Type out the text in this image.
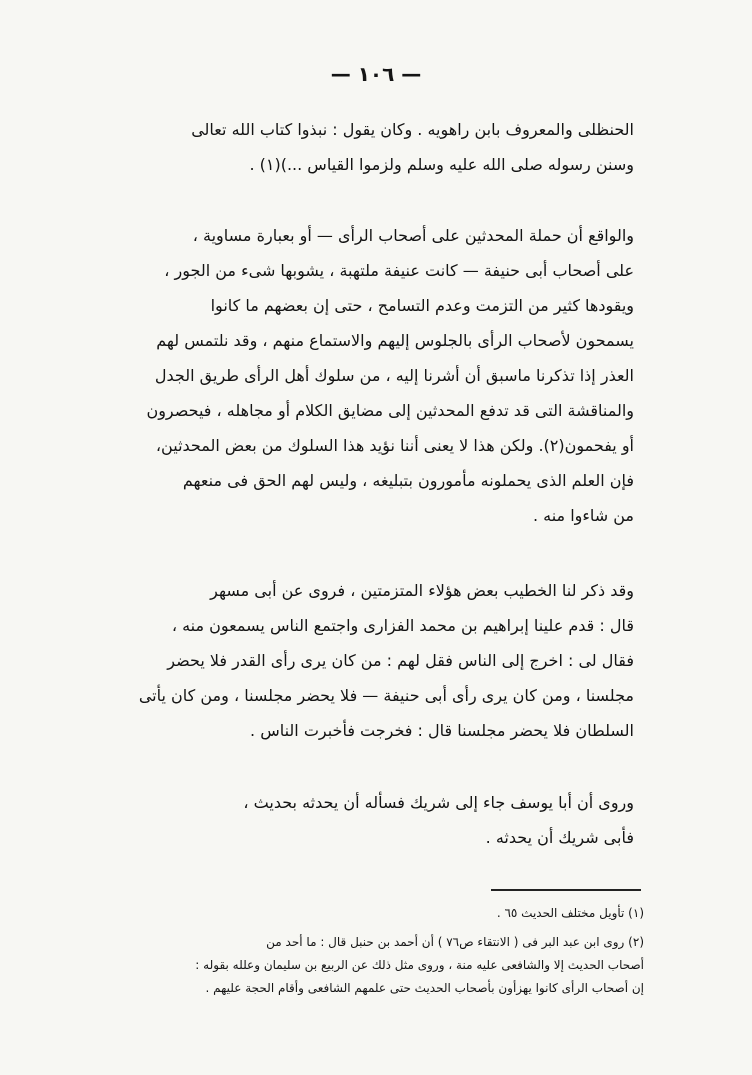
— ١٠٦ —
الحنظلى والمعروف بابن راهويه . وكان يقول : نبذوا كتاب الله تعالى
وسنن رسوله صلى الله عليه وسلم ولزموا القياس ...)(١) .
والواقع أن حملة المحدثين على أصحاب الرأى — أو بعبارة مساوية ،
على أصحاب أبى حنيفة — كانت عنيفة ملتهبة ، يشوبها شىء من الجور ،
ويقودها كثير من التزمت وعدم التسامح ، حتى إن بعضهم ما كانوا
يسمحون لأصحاب الرأى بالجلوس إليهم والاستماع منهم ، وقد نلتمس لهم
العذر إذا تذكرنا ماسبق أن أشرنا إليه ، من سلوك أهل الرأى طريق الجدل
والمناقشة التى قد تدفع المحدثين إلى مضايق الكلام أو مجاهله ، فيحصرون
أو يفحمون(٢). ولكن هذا لا يعنى أننا نؤيد هذا السلوك من بعض المحدثين،
فإن العلم الذى يحملونه مأمورون بتبليغه ، وليس لهم الحق فى منعهم
من شاءوا منه .
وقد ذكر لنا الخطيب بعض هؤلاء المتزمتين ، فروى عن أبى مسهر
قال : قدم علينا إبراهيم بن محمد الفزارى واجتمع الناس يسمعون منه ،
فقال لى : اخرج إلى الناس فقل لهم : من كان يرى رأى القدر فلا يحضر
مجلسنا ، ومن كان يرى رأى أبى حنيفة — فلا يحضر مجلسنا ، ومن كان يأتى
السلطان فلا يحضر مجلسنا قال : فخرجت فأخبرت الناس .
وروى أن أبا يوسف جاء إلى شريك فسأله أن يحدثه بحديث ،
فأبى شريك أن يحدثه .
(١) تأويل مختلف الحديث ٦٥ .
(٢) روى ابن عبد البر فى ( الانتقاء ص٧٦ ) أن أحمد بن حنبل قال : ما أحد من
أصحاب الحديث إلا والشافعى عليه منة ، وروى مثل ذلك عن الربيع بن سليمان وعلله بقوله :
إن أصحاب الرأى كانوا يهزأون بأصحاب الحديث حتى علمهم الشافعى وأقام الحجة عليهم .
